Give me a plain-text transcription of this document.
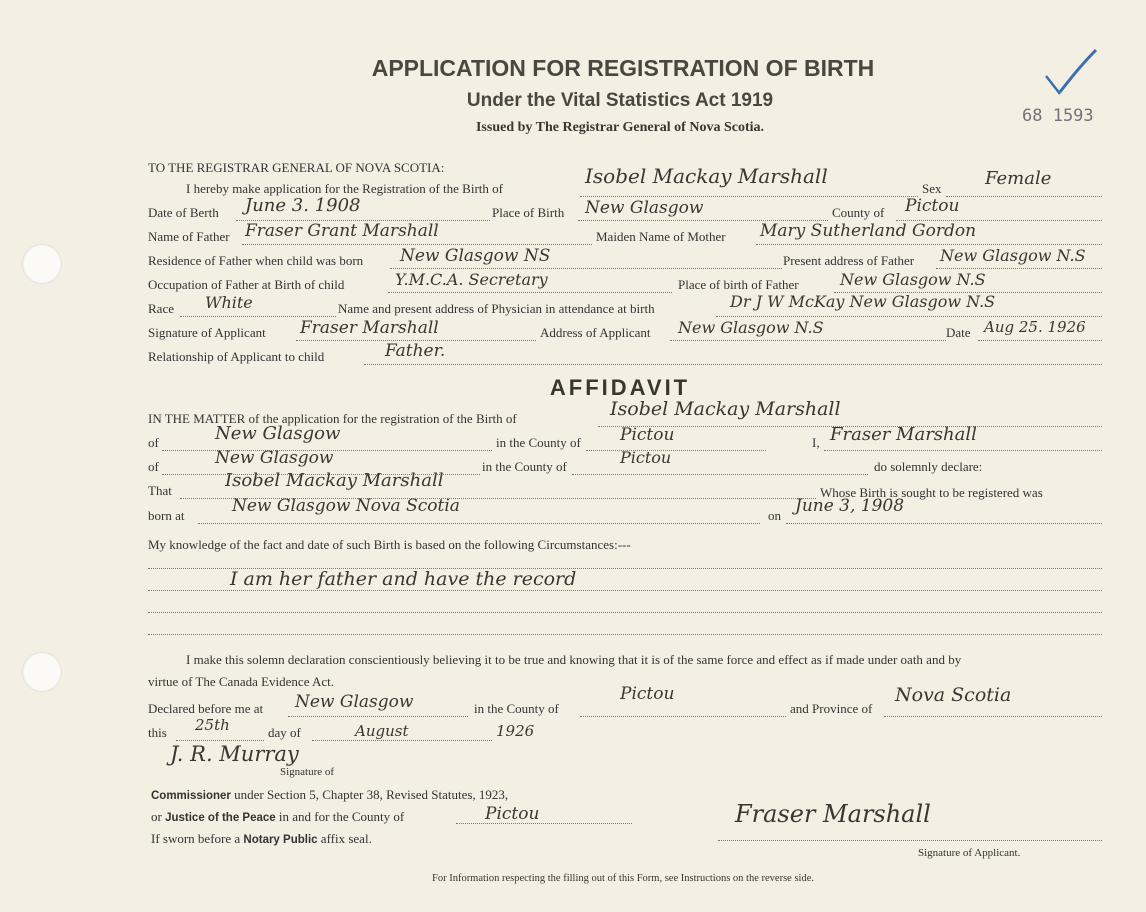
APPLICATION FOR REGISTRATION OF BIRTH
Under the Vital Statistics Act 1919
Issued by The Registrar General of Nova Scotia.
68 1593
TO THE REGISTRAR GENERAL OF NOVA SCOTIA:
I hereby make application for the Registration of the Birth of
Isobel Mackay Marshall
Sex Female
Date of Berth June 3. 1908	Place of Birth New Glasgow	County of Pictou
Name of Father Fraser Grant Marshall	Maiden Name of Mother Mary Sutherland Gordon
Residence of Father when child was born New Glasgow NS	Present address of Father New Glasgow N.S
Occupation of Father at Birth of child	Y.M.C.A. Secretary	Place of birth of Father	New Glasgow N.S
Race White	Name and present address of Physician in attendance at birth	Dr J W McKay New Glasgow N.S
Signature of Applicant Fraser Marshall	Address of Applicant New Glasgow N.S	Date Aug 25. 1926
Relationship of Applicant to child	Father.
AFFIDAVIT
IN THE MATTER of the application for the registration of the Birth of	Isobel Mackay Marshall
of	New Glasgow	in the County of Pictou	I, Fraser Marshall
of	New Glasgow	in the County of	Pictou	do solemnly declare:
That	Isobel Mackay Marshall
Whose Birth is sought to be registered was
born at	New Glasgow Nova Scotia	on June 3, 1908
My knowledge of the fact and date of such Birth is based on the following Circumstances:---
I am her father and have the record
I make this solemn declaration conscientiously believing it to be true and knowing that it is of the same force and effect as if made under oath and by
virtue of The Canada Evidence Act.
Declared before me at New Glasgow	in the County of
Pictou
and Province of
Nova Scotia
this 25th	day of	August	1926
J. R. Murray
Signature of
Commissioner under Section 5, Chapter 38, Revised Statutes, 1923,
or Justice of the Peace in and for the County of	Pictou
If sworn before a Notary Public affix seal.
Fraser Marshall
Signature of Applicant.
For Information respecting the filling out of this Form, see Instructions on the reverse side.
